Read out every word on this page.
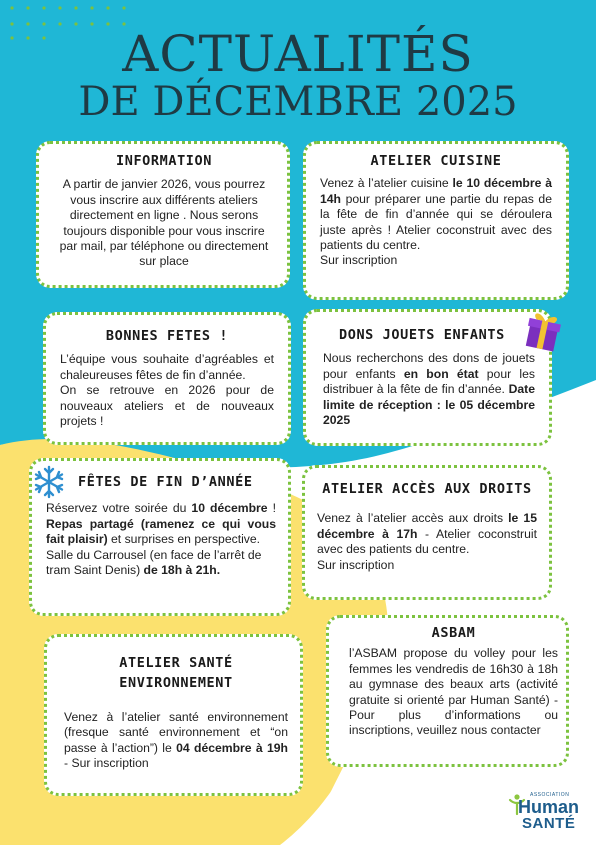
ACTUALITÉS
DE DÉCEMBRE 2025
INFORMATION

A partir de janvier 2026, vous pourrez vous inscrire aux différents ateliers directement en ligne . Nous serons toujours disponible pour vous inscrire par mail, par téléphone ou directement sur place

ATELIER CUISINE

Venez à l’atelier cuisine le 10 décembre à 14h pour préparer une partie du repas de la fête de fin d’année qui se déroulera juste après ! Atelier coconstruit avec des patients du centre.

Sur inscription

BONNES FETES !

L’équipe vous souhaite d’agréables et chaleureuses fêtes de fin d’année.

On se retrouve en 2026 pour de nouveaux ateliers et de nouveaux projets !

DONS JOUETS ENFANTS

Nous recherchons des dons de jouets pour enfants en bon état pour les distribuer à la fête de fin d’année. Date limite de réception : le 05 décembre 2025

FÊTES DE FIN D’ANNÉE

Réservez votre soirée du 10 décembre ! Repas partagé (ramenez ce qui vous fait plaisir) et surprises en perspective.

Salle du Carrousel (en face de l’arrêt de tram Saint Denis) de 18h à 21h.

ATELIER ACCÈS AUX DROITS

Venez à l’atelier accès aux droits le 15 décembre à 17h - Atelier coconstruit avec des patients du centre.

Sur inscription

ATELIER SANTÉ
ENVIRONNEMENT

Venez à l’atelier santé environnement (fresque santé environnement et “on passe à l’action”) le 04 décembre à 19h - Sur inscription

ASBAM

l’ASBAM propose du volley pour les femmes les vendredis de 16h30 à 18h au gymnase des beaux arts (activité gratuite si orienté par Human Santé) - Pour plus d’informations ou inscriptions, veuillez nous contacter

ASSOCIATION
Human
SANTÉ
